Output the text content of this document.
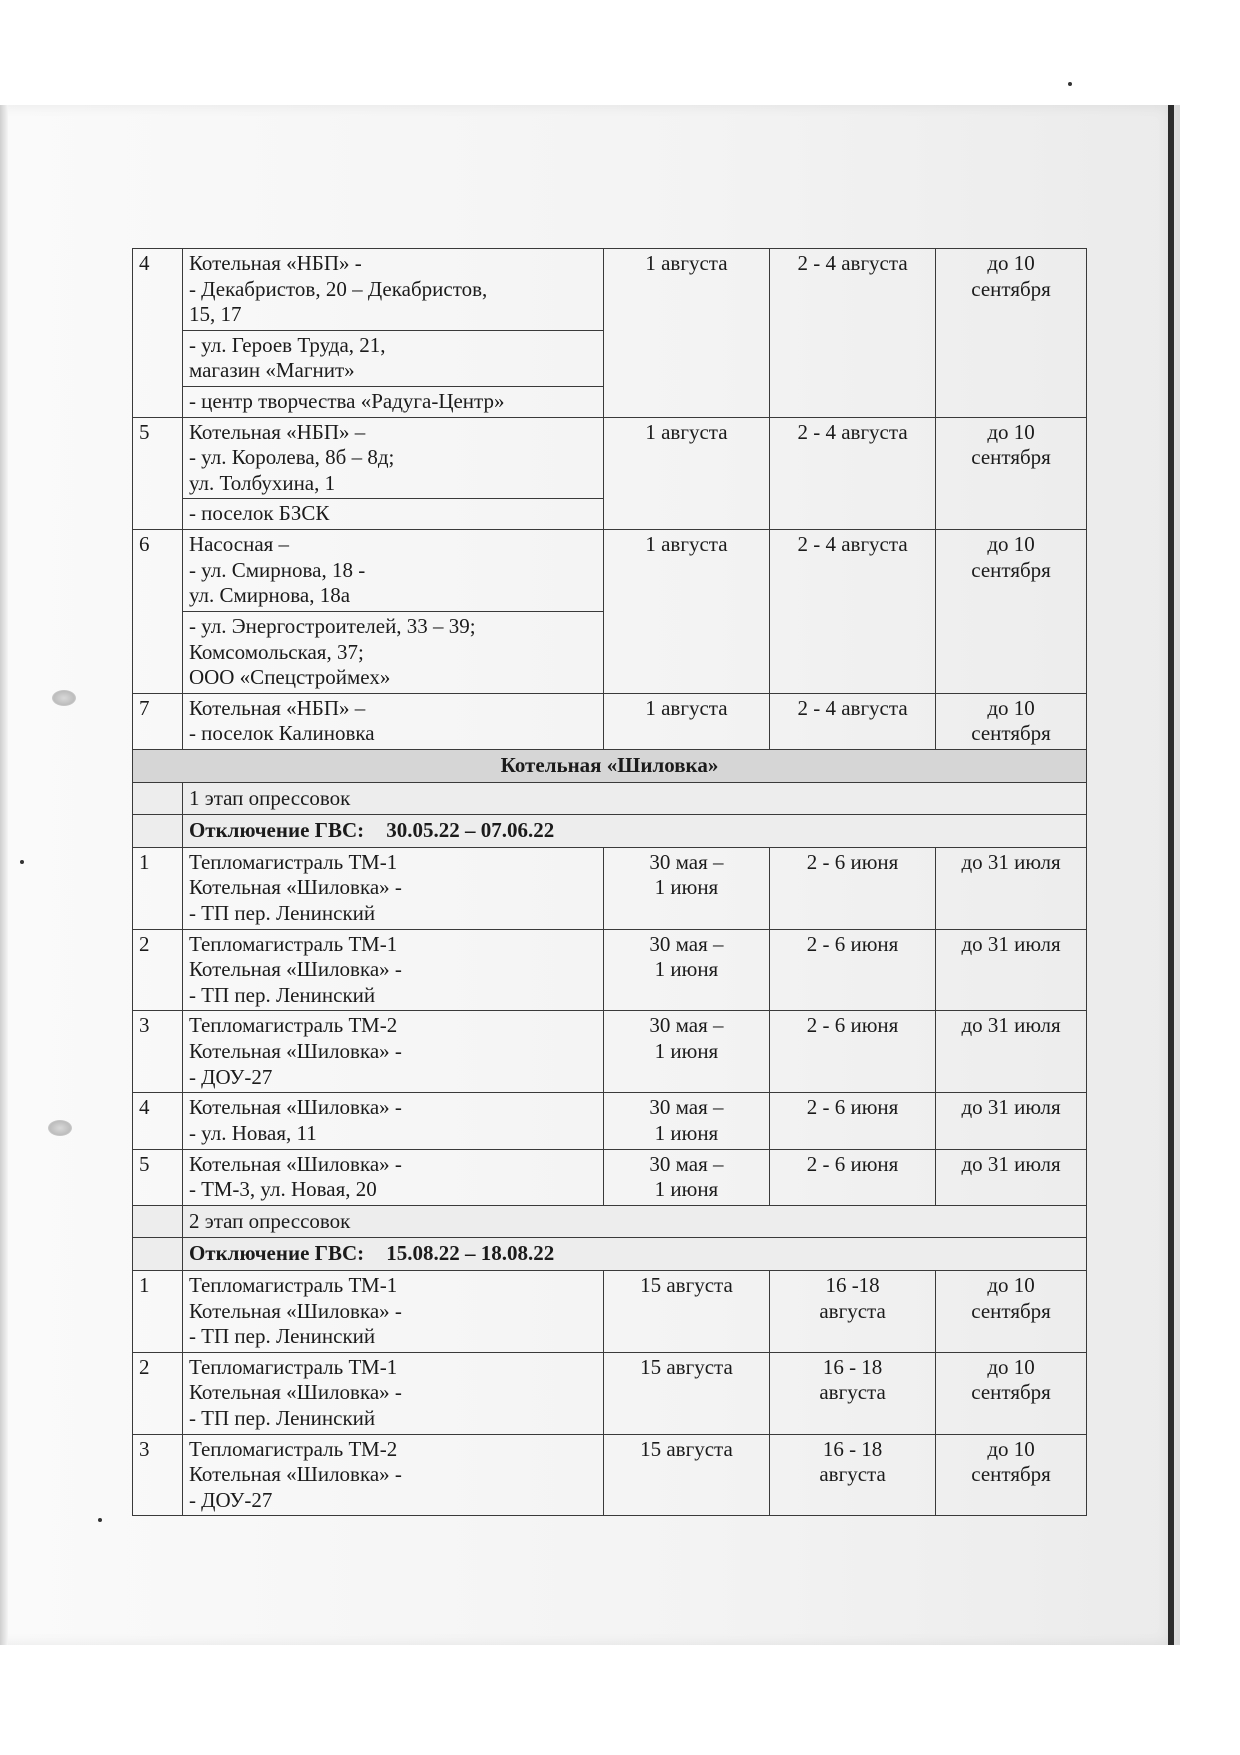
4	Котельная «НБП» -
- Декабристов, 20 – Декабристов,
15, 17	1 августа	2 - 4 августа	до 10
сентября
	- ул. Героев Труда, 21,
магазин «Магнит»			
	- центр творчества «Радуга-Центр»			
5	Котельная «НБП» –
- ул. Королева, 8б – 8д;
ул. Толбухина, 1	1 августа	2 - 4 августа	до 10
сентября
	- поселок БЗСК			
6	Насосная –
- ул. Смирнова, 18 -
ул. Смирнова, 18а	1 августа	2 - 4 августа	до 10
сентября
	- ул. Энергостроителей, 33 – 39;
Комсомольская, 37;
ООО «Спецстроймех»			
7	Котельная «НБП» –
- поселок Калиновка	1 августа	2 - 4 августа	до 10
сентября
Котельная «Шиловка»				
	1 этап опрессовок			
	Отключение ГВС: 30.05.22 – 07.06.22			
1	Тепломагистраль ТМ-1
Котельная «Шиловка» -
- ТП пер. Ленинский	30 мая –
1 июня	2 - 6 июня	до 31 июля
2	Тепломагистраль ТМ-1
Котельная «Шиловка» -
- ТП пер. Ленинский	30 мая –
1 июня	2 - 6 июня	до 31 июля
3	Тепломагистраль ТМ-2
Котельная «Шиловка» -
- ДОУ-27	30 мая –
1 июня	2 - 6 июня	до 31 июля
4	Котельная «Шиловка» -
- ул. Новая, 11	30 мая –
1 июня	2 - 6 июня	до 31 июля
5	Котельная «Шиловка» -
- ТМ-3, ул. Новая, 20	30 мая –
1 июня	2 - 6 июня	до 31 июля
	2 этап опрессовок			
	Отключение ГВС: 15.08.22 – 18.08.22			
1	Тепломагистраль ТМ-1
Котельная «Шиловка» -
- ТП пер. Ленинский	15 августа	16 -18
августа	до 10
сентября
2	Тепломагистраль ТМ-1
Котельная «Шиловка» -
- ТП пер. Ленинский	15 августа	16 - 18
августа	до 10
сентября
3	Тепломагистраль ТМ-2
Котельная «Шиловка» -
- ДОУ-27	15 августа	16 - 18
августа	до 10
сентября
